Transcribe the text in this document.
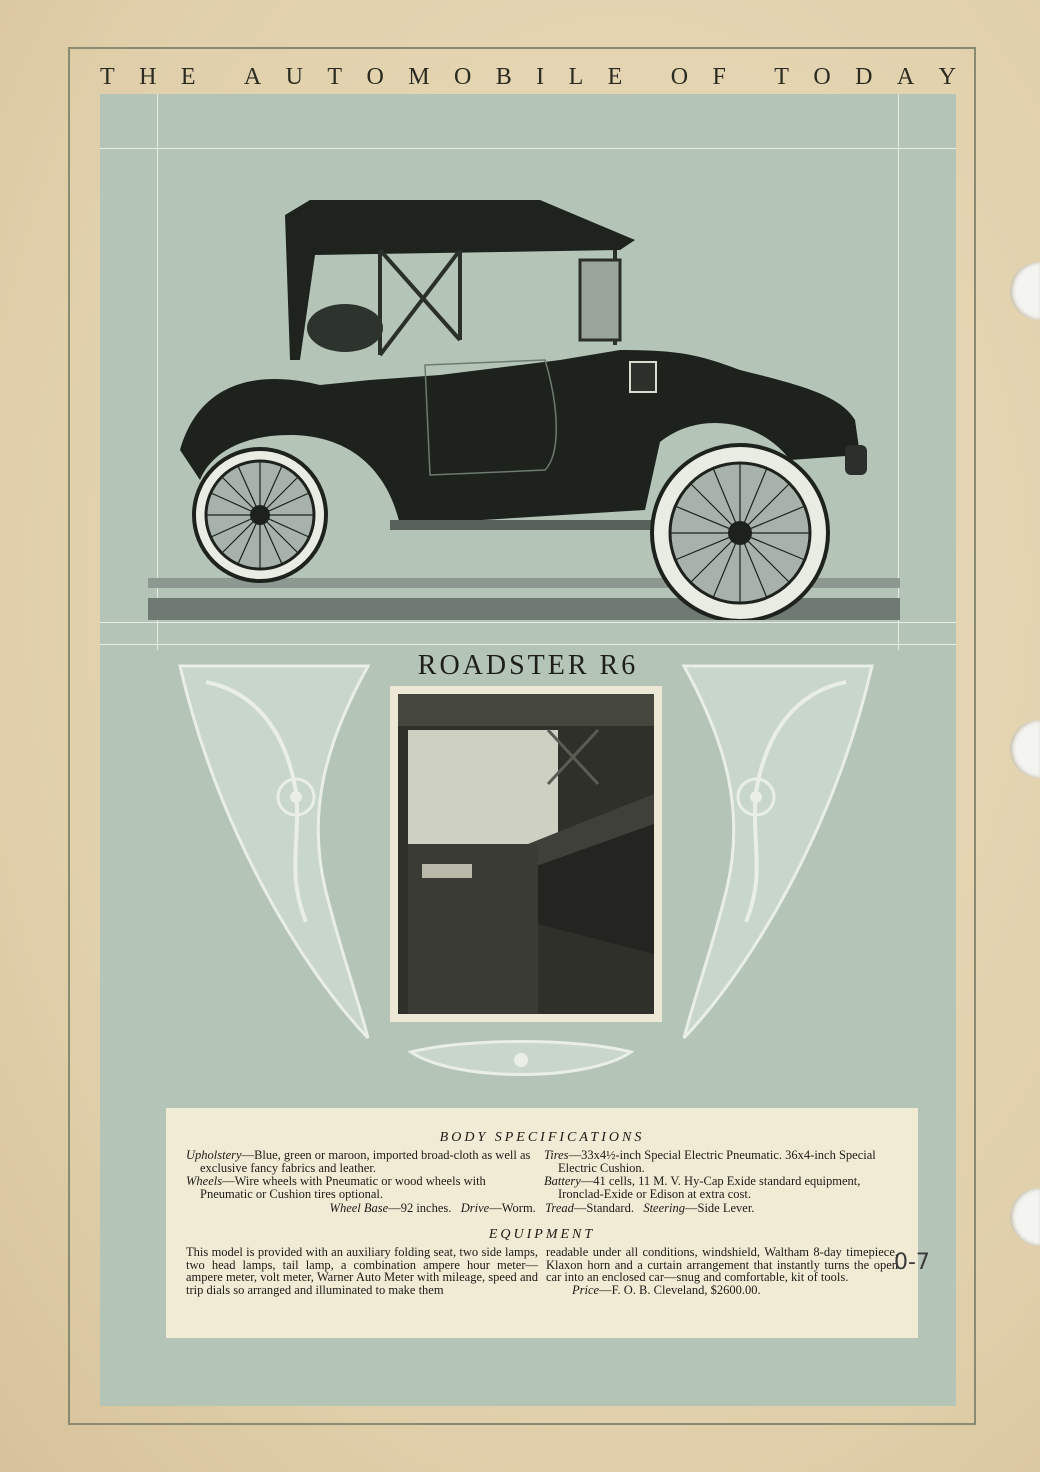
T H E A U T O M O B I L E O F T O D A Y
ROADSTER R6
BODY SPECIFICATIONS

Upholstery—Blue, green or maroon, imported broad-cloth as well as exclusive fancy fabrics and leather.

Wheels—Wire wheels with Pneumatic or wood wheels with Pneumatic or Cushion tires optional.

Tires—33x4½-inch Special Electric Pneumatic. 36x4-inch Special Electric Cushion.

Battery—41 cells, 11 M. V. Hy-Cap Exide standard equipment, Ironclad-Exide or Edison at extra cost.

Wheel Base—92 inches. Drive—Worm. Tread—Standard. Steering—Side Lever.
EQUIPMENT
This model is provided with an auxiliary folding seat, two side lamps, two head lamps, tail lamp, a combination ampere hour meter—ampere meter, volt meter, Warner Auto Meter with mileage, speed and trip dials so arranged and illuminated to make them
readable under all conditions, windshield, Waltham 8-day timepiece, Klaxon horn and a curtain arrangement that instantly turns the open car into an enclosed car—snug and comfortable, kit of tools.
Price—F. O. B. Cleveland, $2600.00.
0-7
